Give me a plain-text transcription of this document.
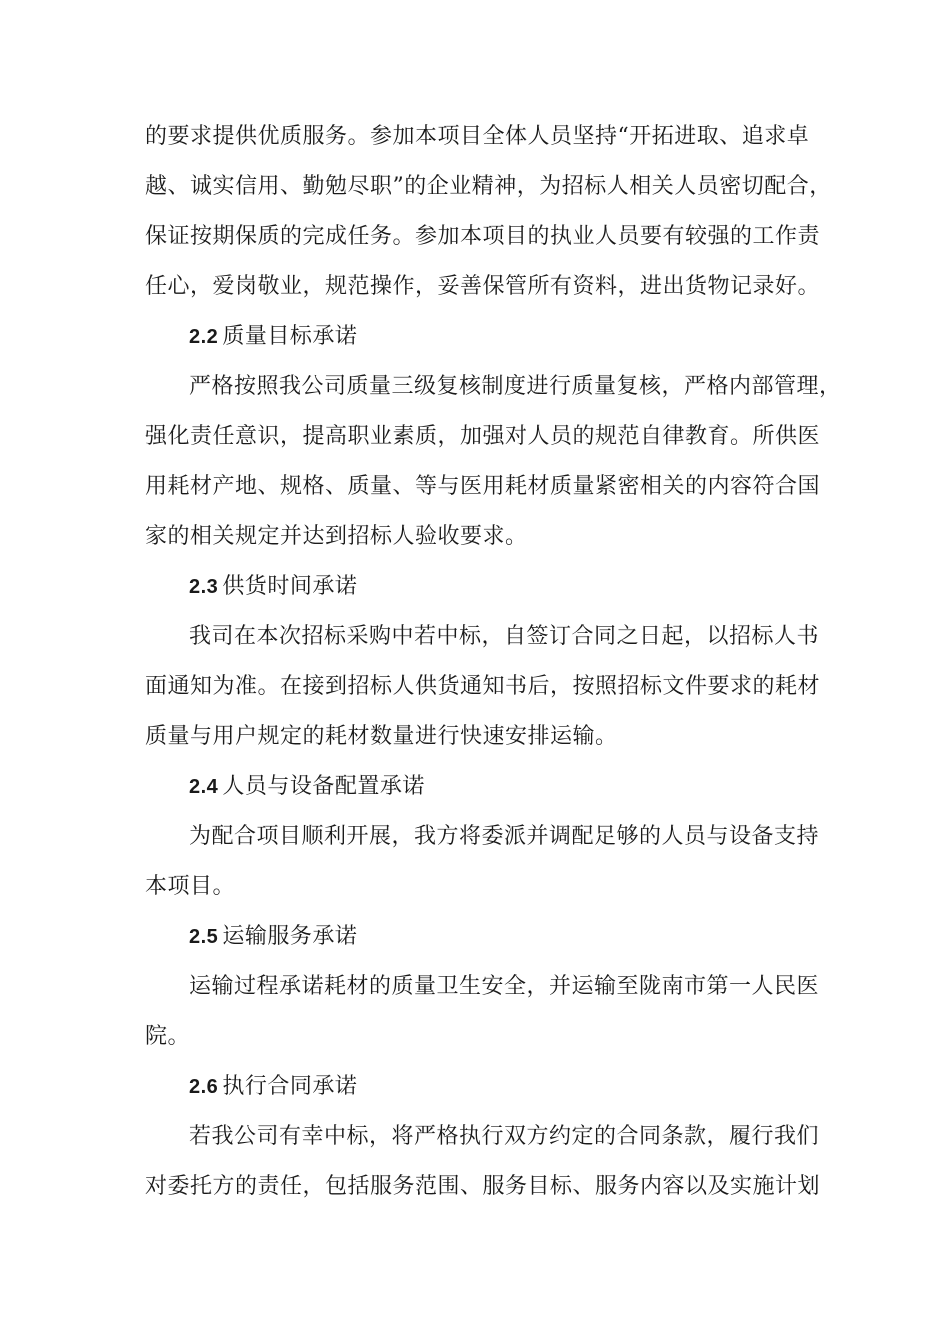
的要求提供优质服务。参加本项目全体人员坚持“开拓进取、追求卓
越、诚实信用、勤勉尽职”的企业精神，为招标人相关人员密切配合，
保证按期保质的完成任务。参加本项目的执业人员要有较强的工作责
任心，爱岗敬业，规范操作，妥善保管所有资料，进出货物记录好。
2.2 质量目标承诺
严格按照我公司质量三级复核制度进行质量复核，严格内部管理，
强化责任意识，提高职业素质，加强对人员的规范自律教育。所供医
用耗材产地、规格、质量、等与医用耗材质量紧密相关的内容符合国
家的相关规定并达到招标人验收要求。
2.3 供货时间承诺
我司在本次招标采购中若中标，自签订合同之日起，以招标人书
面通知为准。在接到招标人供货通知书后，按照招标文件要求的耗材
质量与用户规定的耗材数量进行快速安排运输。
2.4 人员与设备配置承诺
为配合项目顺利开展，我方将委派并调配足够的人员与设备支持
本项目。
2.5 运输服务承诺
运输过程承诺耗材的质量卫生安全，并运输至陇南市第一人民医
院。
2.6 执行合同承诺
若我公司有幸中标，将严格执行双方约定的合同条款，履行我们
对委托方的责任，包括服务范围、服务目标、服务内容以及实施计划
